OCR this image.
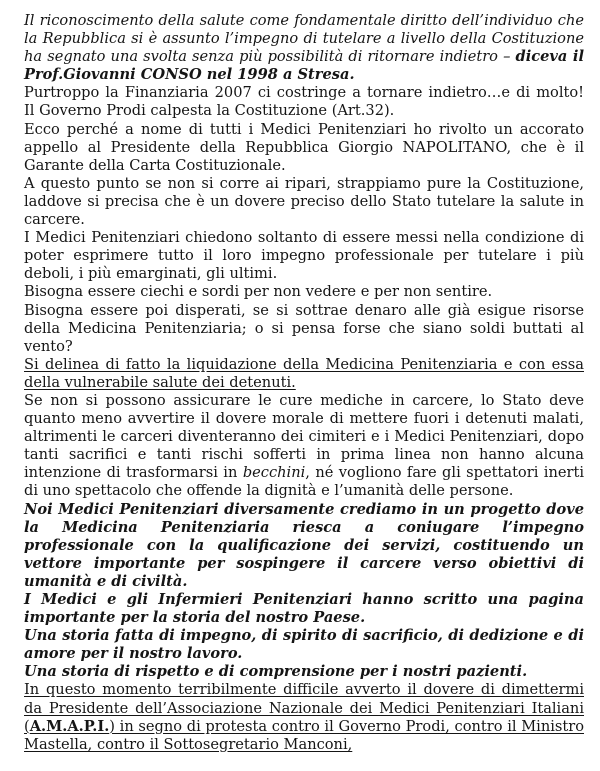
Il riconoscimento della salute come fondamentale diritto dell’individuo che la Repubblica si è assunto l’impegno di tutelare a livello della Costituzione ha segnato una svolta senza più possibilità di ritornare indietro – diceva il Prof.Giovanni CONSO nel 1998 a Stresa.

Purtroppo la Finanziaria 2007 ci costringe a tornare indietro…e di molto! Il Governo Prodi calpesta la Costituzione (Art.32).

Ecco perché a nome di tutti i Medici Penitenziari ho rivolto un accorato appello al Presidente della Repubblica Giorgio NAPOLITANO, che è il Garante della Carta Costituzionale.

A questo punto se non si corre ai ripari, strappiamo pure la Costituzione, laddove si precisa che è un dovere preciso dello Stato tutelare la salute in carcere.

I Medici Penitenziari chiedono soltanto di essere messi nella condizione di poter esprimere tutto il loro impegno professionale per tutelare i più deboli, i più emarginati, gli ultimi.

Bisogna essere ciechi e sordi per non vedere e per non sentire.

Bisogna essere poi disperati, se si sottrae denaro alle già esigue risorse della Medicina Penitenziaria; o si pensa forse che siano soldi buttati al vento?

Si delinea di fatto la liquidazione della Medicina Penitenziaria e con essa della vulnerabile salute dei detenuti.

Se non si possono assicurare le cure mediche in carcere, lo Stato deve quanto meno avvertire il dovere morale di mettere fuori i detenuti malati, altrimenti le carceri diventeranno dei cimiteri e i Medici Penitenziari, dopo tanti sacrifici e tanti rischi sofferti in prima linea non hanno alcuna intenzione di trasformarsi in becchini, né vogliono fare gli spettatori inerti di uno spettacolo che offende la dignità e l’umanità delle persone.

Noi Medici Penitenziari diversamente crediamo in un progetto dove la Medicina Penitenziaria riesca a coniugare l’impegno professionale con la qualificazione dei servizi, costituendo un vettore importante per sospingere il carcere verso obiettivi di umanità e di civiltà.

I Medici e gli Infermieri Penitenziari hanno scritto una pagina importante per la storia del nostro Paese.

Una storia fatta di impegno, di spirito di sacrificio, di dedizione e di amore per il nostro lavoro.

Una storia di rispetto e di comprensione per i nostri pazienti.

In questo momento terribilmente difficile avverto il dovere di dimettermi da Presidente dell’Associazione Nazionale dei Medici Penitenziari Italiani (A.M.A.P.I.) in segno di protesta contro il Governo Prodi, contro il Ministro Mastella, contro il Sottosegretario Manconi,
